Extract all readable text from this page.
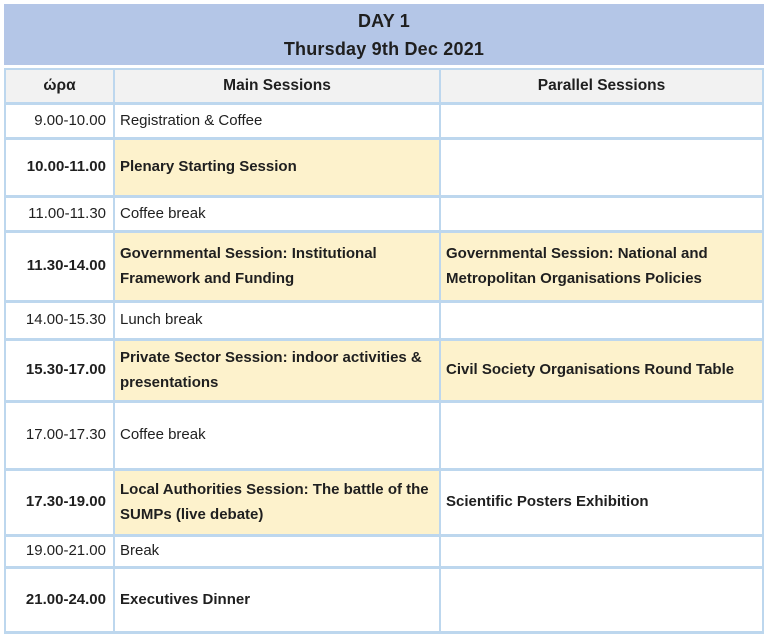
DAY 1
Thursday 9th Dec 2021		

ώρα	Main Sessions	Parallel Sessions
9.00-10.00	Registration & Coffee	
10.00-11.00	Plenary Starting Session	
11.00-11.30	Coffee break	
11.30-14.00	Governmental Session: Institutional Framework and Funding	Governmental Session: National and Metropolitan Organisations Policies
14.00-15.30	Lunch break	
15.30-17.00	Private Sector Session: indoor activities & presentations	Civil Society Organisations Round Table
17.00-17.30	Coffee break	
17.30-19.00	Local Authorities Session: The battle of the SUMPs (live debate)	Scientific Posters Exhibition
19.00-21.00	Break	
21.00-24.00	Executives Dinner	
